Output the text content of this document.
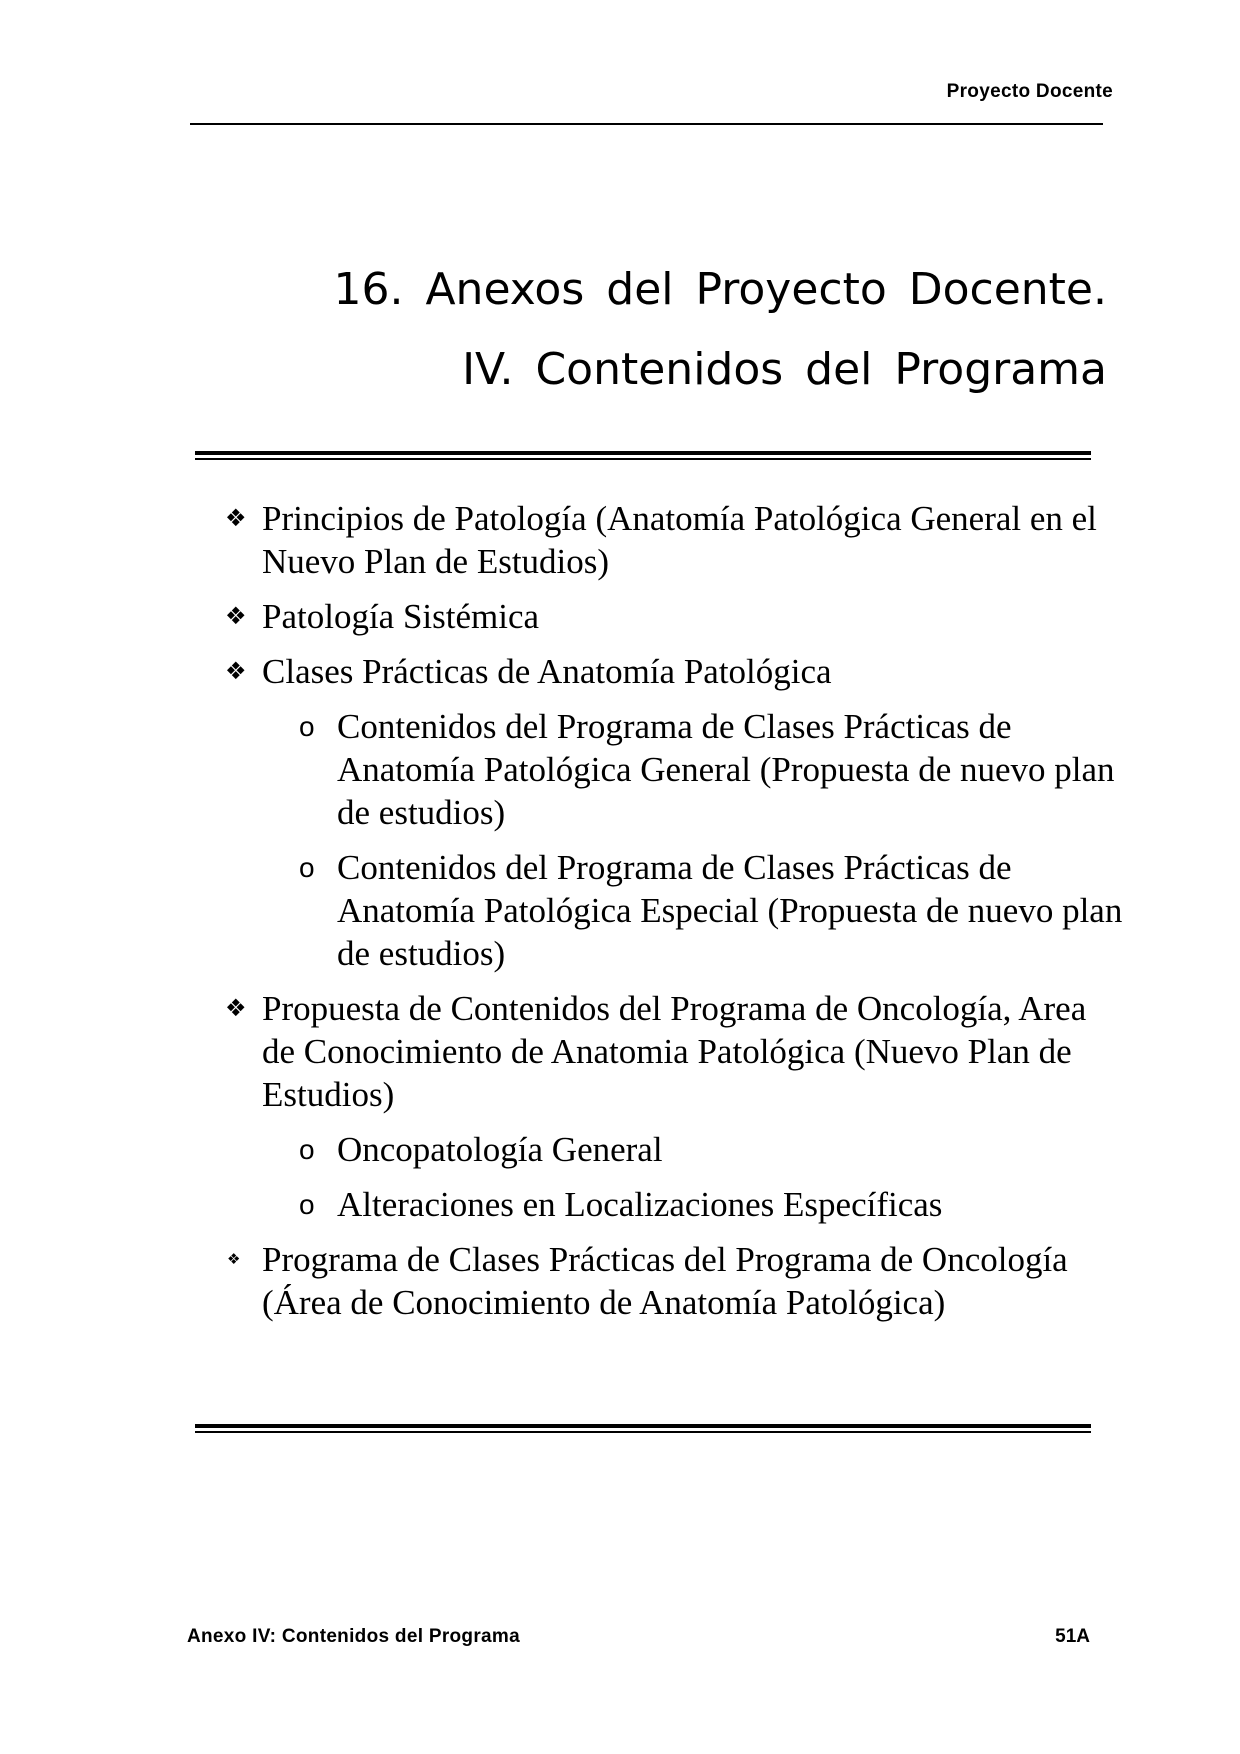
Proyecto Docente

16. Anexos del Proyecto Docente.
IV. Contenidos del Programa
❖ Principios de Patología (Anatomía Patológica General en el Nuevo Plan de Estudios)
❖ Patología Sistémica
❖ Clases Prácticas de Anatomía Patológica
o Contenidos del Programa de Clases Prácticas de Anatomía Patológica General (Propuesta de nuevo plan de estudios)
o Contenidos del Programa de Clases Prácticas de Anatomía Patológica Especial (Propuesta de nuevo plan de estudios)
❖ Propuesta de Contenidos del Programa de Oncología, Area de Conocimiento de Anatomia Patológica (Nuevo Plan de Estudios)
o Oncopatología General
o Alteraciones en Localizaciones Específicas
❖ Programa de Clases Prácticas del Programa de Oncología (Área de Conocimiento de Anatomía Patológica)

Anexo IV: Contenidos del Programa	51A
